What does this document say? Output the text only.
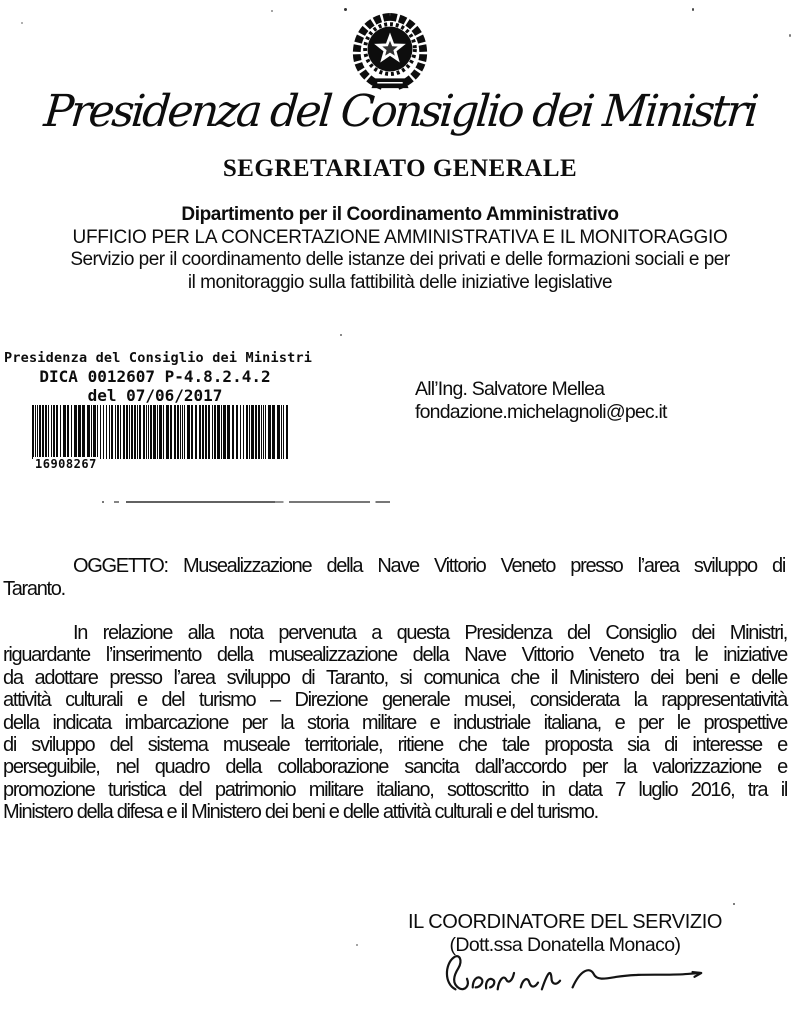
Presidenza del Consiglio dei Ministri
SEGRETARIATO GENERALE
Dipartimento per il Coordinamento Amministrativo
UFFICIO PER LA CONCERTAZIONE AMMINISTRATIVA E IL MONITORAGGIO
Servizio per il coordinamento delle istanze dei privati e delle formazioni sociali e per
il monitoraggio sulla fattibilità delle iniziative legislative
Presidenza del Consiglio dei Ministri
DICA 0012607 P-4.8.2.4.2
del 07/06/2017
16908267
All’Ing. Salvatore Mellea
fondazione.michelagnoli@pec.it
OGGETTO: Musealizzazione della Nave Vittorio Veneto presso l’area sviluppo di
Taranto.
In relazione alla nota pervenuta a questa Presidenza del Consiglio dei Ministri,
riguardante l’inserimento della musealizzazione della Nave Vittorio Veneto tra le iniziative
da adottare presso l’area sviluppo di Taranto, si comunica che il Ministero dei beni e delle
attività culturali e del turismo – Direzione generale musei, considerata la rappresentatività
della indicata imbarcazione per la storia militare e industriale italiana, e per le prospettive
di sviluppo del sistema museale territoriale, ritiene che tale proposta sia di interesse e
perseguibile, nel quadro della collaborazione sancita dall’accordo per la valorizzazione e
promozione turistica del patrimonio militare italiano, sottoscritto in data 7 luglio 2016, tra il
Ministero della difesa e il Ministero dei beni e delle attività culturali e del turismo.
IL COORDINATORE DEL SERVIZIO
(Dott.ssa Donatella Monaco)
